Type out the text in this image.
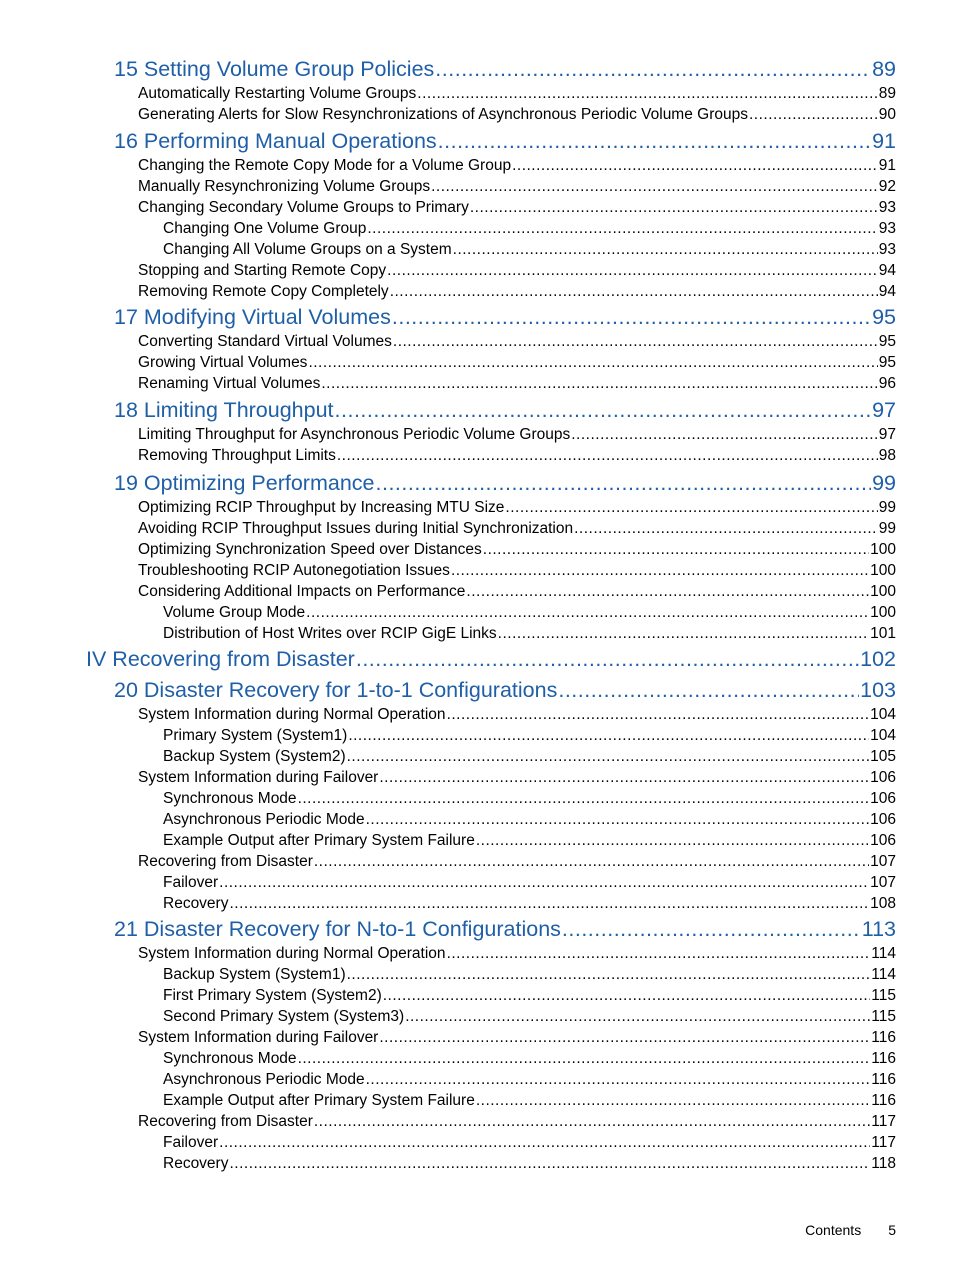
15 Setting Volume Group Policies .....	89
Automatically Restarting Volume Groups .....	89
Generating Alerts for Slow Resynchronizations of Asynchronous Periodic Volume Groups .....	90
16 Performing Manual Operations .....	91
Changing the Remote Copy Mode for a Volume Group .....	91
Manually Resynchronizing Volume Groups .....	92
Changing Secondary Volume Groups to Primary .....	93
Changing One Volume Group .....	93
Changing All Volume Groups on a System .....	93
Stopping and Starting Remote Copy .....	94
Removing Remote Copy Completely .....	94
17 Modifying Virtual Volumes .....	95
Converting Standard Virtual Volumes .....	95
Growing Virtual Volumes .....	95
Renaming Virtual Volumes .....	96
18 Limiting Throughput .....	97
Limiting Throughput for Asynchronous Periodic Volume Groups .....	97
Removing Throughput Limits .....	98
19 Optimizing Performance .....	99
Optimizing RCIP Throughput by Increasing MTU Size .....	99
Avoiding RCIP Throughput Issues during Initial Synchronization .....	99
Optimizing Synchronization Speed over Distances .....	100
Troubleshooting RCIP Autonegotiation Issues .....	100
Considering Additional Impacts on Performance .....	100
Volume Group Mode .....	100
Distribution of Host Writes over RCIP GigE Links .....	101
IV Recovering from Disaster .....	102
20 Disaster Recovery for 1-to-1 Configurations .....	103
System Information during Normal Operation .....	104
Primary System (System1) .....	104
Backup System (System2) .....	105
System Information during Failover .....	106
Synchronous Mode .....	106
Asynchronous Periodic Mode .....	106
Example Output after Primary System Failure .....	106
Recovering from Disaster .....	107
Failover .....	107
Recovery .....	108
21 Disaster Recovery for N-to-1 Configurations .....	113
System Information during Normal Operation .....	114
Backup System (System1) .....	114
First Primary System (System2) .....	115
Second Primary System (System3) .....	115
System Information during Failover .....	116
Synchronous Mode .....	116
Asynchronous Periodic Mode .....	116
Example Output after Primary System Failure .....	116
Recovering from Disaster .....	117
Failover .....	117
Recovery .....	118
Contents 5
